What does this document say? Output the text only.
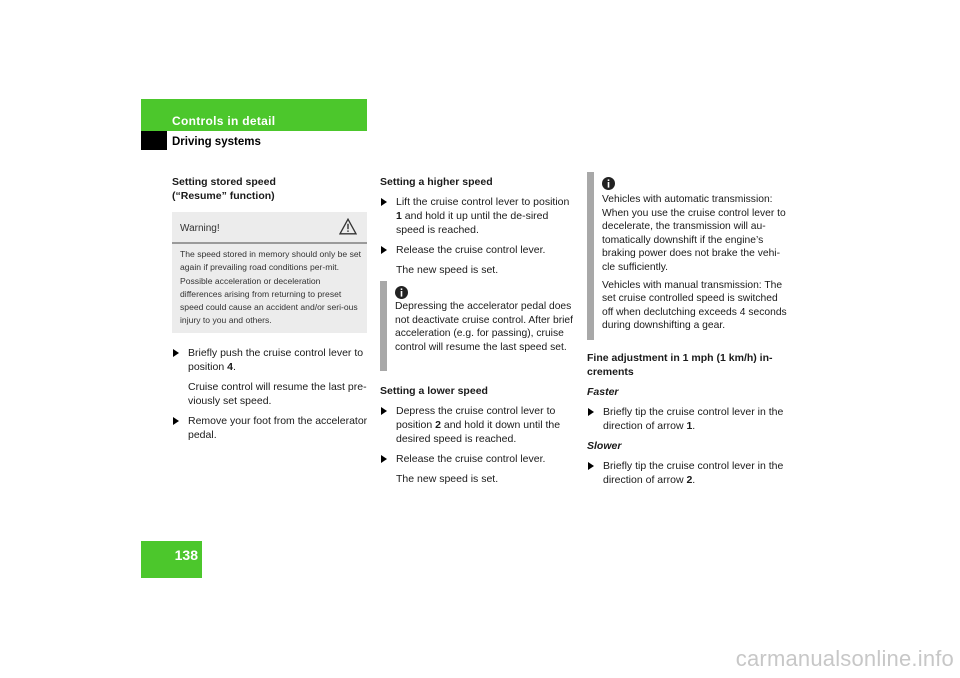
Controls in detail
Driving systems
138

Setting stored speed
(“Resume” function)

Warning!
The speed stored in memory should only be set again if prevailing road conditions per-mit. Possible acceleration or deceleration differences arising from returning to preset speed could cause an accident and/or seri-ous injury to you and others.
Briefly push the cruise control lever to position 4.

Cruise control will resume the last pre-viously set speed.

Remove your foot from the accelerator pedal.

Setting a higher speed

Lift the cruise control lever to position 1 and hold it up until the de-sired speed is reached.
Release the cruise control lever.

The new speed is set.

Depressing the accelerator pedal does not deactivate cruise control. After brief acceleration (e.g. for passing), cruise control will resume the last speed set.

Setting a lower speed

Depress the cruise control lever to position 2 and hold it down until the desired speed is reached.
Release the cruise control lever.

The new speed is set.

Vehicles with automatic transmission: When you use the cruise control lever to decelerate, the transmission will au-tomatically downshift if the engine’s braking power does not brake the vehi-cle sufficiently.

Vehicles with manual transmission: The set cruise controlled speed is switched off when declutching exceeds 4 seconds during downshifting a gear.

Fine adjustment in 1 mph (1 km/h) in-crements

Faster

Briefly tip the cruise control lever in the direction of arrow 1.

Slower

Briefly tip the cruise control lever in the direction of arrow 2.
carmanualsonline.info
